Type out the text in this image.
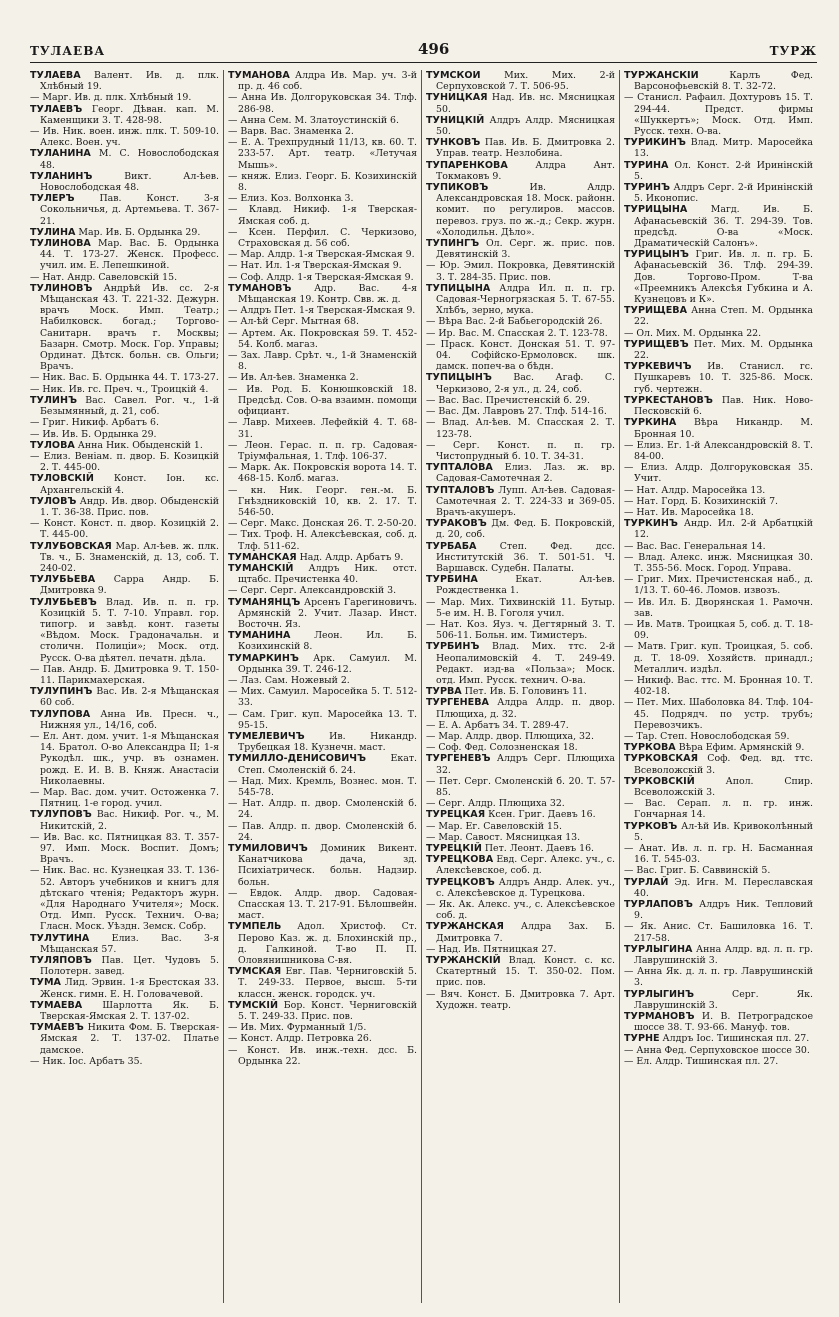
ТУЛАЕВА	496	ТУРЖ

ТУЛАЕВА Валент. Ив. д. плк. Хлѣбный 19.

— Марг. Ив. д. плк. Хлѣбный 19.

ТУЛАЕВЪ Георг. Дѣван. кап. М. Каменщики 3. Т. 428-98.

— Ив. Ник. воен. инж. плк. Т. 509-10. Алекс. Воен. уч.

ТУЛАНИНА М. С. Новослободская 48.

ТУЛАНИНЪ Викт. Ал-ѣев. Новослободская 48.

ТУЛЕРЪ Пав. Конст. 3-я Сокольничья, д. Артемьева. Т. 367-21.

ТУЛИНА Мар. Ив. Б. Ордынка 29.

ТУЛИНОВА Мар. Вас. Б. Ордынка 44. Т. 173-27. Женск. Професс. учил. им. Е. Лепешкиной.

— Нат. Андр. Савеловскій 15.

ТУЛИНОВЪ Андрѣй Ив. сс. 2-я Мѣщанская 43. Т. 221-32. Дежурн. врачъ Моск. Имп. Театр.; Набилковск. богад.; Торгово-Санитарн. врачъ г. Москвы; Базарн. Смотр. Моск. Гор. Управы; Ординат. Дѣтск. больн. св. Ольги; Врачъ.

— Ник. Вас. Б. Ордынка 44. Т. 173-27.

— Ник. Ив. гс. Преч. ч., Троицкій 4.

ТУЛИНЪ Вас. Савел. Рог. ч., 1-й Безымянный, д. 21, соб.

— Григ. Никиф. Арбатъ 6.

— Ив. Ив. Б. Ордынка 29.

ТУЛОВА Анна Ник. Обыденскій 1.

— Елиз. Веніам. п. двор. Б. Козицкій 2. Т. 445-00.

ТУЛОВСКІЙ Конст. Іон. кс. Архангельскій 4.

ТУЛОВЪ Андр. Ив. двор. Обыденскій 1. Т. 36-38. Прис. пов.

— Конст. Конст. п. двор. Козицкій 2. Т. 445-00.

ТУЛУБОВСКАЯ Мар. Ал-ѣев. ж. плк. Тв. ч., Б. Знаменскій, д. 13, соб. Т. 240-02.

ТУЛУБЬЕВА Сарра Андр. Б. Дмитровка 9.

ТУЛУБЬЕВЪ Влад. Ив. п. п. гр. Козицкій 5. Т. 7-10. Управл. гор. типогр. и завѣд. конт. газеты «Вѣдом. Моск. Градоначальн. и столичн. Полиціи»; Моск. отд. Русск. О-ва дѣятел. печатн. дѣла.

— Пав. Андр. Б. Дмитровка 9. Т. 150-11. Парикмахерская.

ТУЛУПИНЪ Вас. Ив. 2-я Мѣщанская 60 соб.

ТУЛУПОВА Анна Ив. Пресн. ч., Нижняя ул., 14/16, соб.

— Ел. Ант. дом. учит. 1-я Мѣщанская 14. Братол. О-во Александра II; 1-я Рукодѣл. шк., учр. въ ознамен. рожд. Е. И. В. В. Княж. Анастасіи Николаевны.

— Мар. Вас. дом. учит. Остоженка 7. Пятниц. 1-е город. учил.

ТУЛУПОВЪ Вас. Никиф. Рог. ч., М. Никитскій, 2.

— Ив. Вас. кс. Пятницкая 83. Т. 357-97. Имп. Моск. Воспит. Домъ; Врачъ.

— Ник. Вас. нс. Кузнецкая 33. Т. 136-52. Авторъ учебников и книгъ для дѣтскаго чтенія; Редакторъ журн. «Для Народнаго Учителя»; Моск. Отд. Имп. Русск. Технич. О-ва; Гласн. Моск. Уѣздн. Земск. Собр.

ТУЛУТИНА Елиз. Вас. 3-я Мѣщанская 57.

ТУЛЯПОВЪ Пав. Цет. Чудовъ 5. Полотерн. завед.

ТУМА Лид. Эрвин. 1-я Брестская 33. Женск. гимн. Е. Н. Головачевой.

ТУМАЕВА Шарлотта Як. Б. Тверская-Ямская 2. Т. 137-02.

ТУМАЕВЪ Никита Фом. Б. Тверская-Ямская 2. Т. 137-02. Платье дамское.

— Ник. Іос. Арбатъ 35.

ТУМАНОВА Алдра Ив. Мар. уч. 3-й пр. д. 46 соб.

— Анна Ив. Долгоруковская 34. Тлф. 286-98.

— Анна Сем. М. Златоустинскій 6.

— Варв. Вас. Знаменка 2.

— Е. А. Трехпрудный 11/13, кв. 60. Т. 233-57. Арт. театр. «Летучая Мышь».

— княж. Елиз. Георг. Б. Козихинскій 8.

— Елиз. Коз. Волхонка 3.

— Клавд. Никиф. 1-я Тверская-Ямская соб. д.

— Ксен. Перфил. С. Черкизово, Страховская д. 56 соб.

— Мар. Алдр. 1-я Тверская-Ямская 9.

— Нат. Ил. 1-я Тверская-Ямская 9.

— Соф. Алдр. 1-я Тверская-Ямская 9.

ТУМАНОВЪ Адр. Вас. 4-я Мѣщанская 19. Контр. Свв. ж. д.

— Алдръ Пет. 1-я Тверская-Ямская 9.

— Ал-ѣй Серг. Мытная 68.

— Артем. Ак. Покровская 59. Т. 452-54. Колб. магаз.

— Зах. Лавр. Срѣт. ч., 1-й Знаменскій 8.

— Ив. Ал-ѣев. Знаменка 2.

— Ив. Род. Б. Конюшковскій 18. Предсѣд. Сов. О-ва взаимн. помощи официант.

— Лавр. Михеев. Лефейкій 4. Т. 68-31.

— Леон. Герас. п. п. гр. Садовая-Тріумфальная, 1. Тлф. 106-37.

— Марк. Ак. Покровскія ворота 14. Т. 468-15. Колб. магаз.

— кн. Ник. Георг. ген.-м. Б. Гнѣздниковскій 10, кв. 2. 17. Т. 546-50.

— Серг. Макс. Донская 26. Т. 2-50-20.

— Тих. Троф. Н. Алексѣевская, соб. д. Тлф. 511-62.

ТУМАНСКАЯ Над. Алдр. Арбатъ 9.

ТУМАНСКІЙ Алдръ Ник. отст. щтабс. Пречистенка 40.

— Серг. Серг. Александровскій 3.

ТУМАНЯНЦЪ Арсенъ Гарегиновичъ. Армянскій 2. Учит. Лазар. Инст. Восточн. Яз.

ТУМАНИНА Леон. Ил. Б. Козихинскій 8.

ТУМАРКИНЪ Арк. Самуил. М. Ордынка 39. Т. 246-12.

— Лаз. Сам. Ножевый 2.

— Мих. Самуил. Маросейка 5. Т. 512-33.

— Сам. Григ. куп. Маросейка 13. Т. 95-15.

ТУМЕЛЕВИЧЪ Ив. Никандр. Трубецкая 18. Кузнечн. маст.

ТУМИЛЛО-ДЕНИСОВИЧЪ Екат. Степ. Смоленскій б. 24.

— Над. Мих. Кремль, Вознес. мон. Т. 545-78.

— Нат. Алдр. п. двор. Смоленскій б. 24.

— Пав. Алдр. п. двор. Смоленскій б. 24.

ТУМИЛОВИЧЪ Доминик Викент. Канатчикова дача, зд. Психіатрическ. больн. Надзир. больн.

— Евдок. Алдр. двор. Садовая-Спасская 13. Т. 217-91. Бѣлошвейн. маст.

ТУМПЕЛЬ Адол. Христоф. Ст. Перово Каз. ж. д. Блохинскій пр., д. Галкиной. Т-во П. П. Оловянишникова С-вя.

ТУМСКАЯ Евг. Пав. Черниговскій 5. Т. 249-33. Первое, высш. 5-ти классн. женск. городск. уч.

ТУМСКІЙ Бор. Конст. Черниговскій 5. Т. 249-33. Прис. пов.

— Ив. Мих. Фурманный 1/5.

— Конст. Алдр. Петровка 26.

— Конст. Ив. инж.-техн. дсс. Б. Ордынка 22.

ТУМСКОЙ Мих. Мих. 2-й Серпуховской 7. Т. 506-95.

ТУНИЦКАЯ Над. Ив. нс. Мясницкая 50.

ТУНИЦКІЙ Алдръ Алдр. Мясницкая 50.

ТУНКОВЪ Пав. Ив. Б. Дмитровка 2. Управ. театр. Незлобина.

ТУПАРЕНКОВА Алдра Ант. Токмаковъ 9.

ТУПИКОВЪ Ив. Алдр. Александровская 18. Моск. районн. комит. по регулиров. массов. перевоз. груз. по ж.-д.; Секр. журн. «Холодильн. Дѣло».

ТУПИНГЪ Ол. Серг. ж. прис. пов. Девятинскій 3.

— Юр. Эмил. Покровка, Девятинскій 3. Т. 284-35. Прис. пов.

ТУПИЦЫНА Алдра Ил. п. п. гр. Садовая-Черногрязская 5. Т. 67-55. Хлѣбъ, зерно, мука.

— Вѣра Вас. 2-й Бабьегородскій 26.

— Ир. Вас. М. Спасская 2. Т. 123-78.

— Праск. Конст. Донская 51. Т. 97-04. Софійско-Ермоловск. шк. дамск. попеч-ва о бѣдн.

ТУПИЦЫНЪ Вас. Агаф. С. Черкизово, 2-я ул., д. 24, соб.

— Вас. Вас. Пречистенскій б. 29.

— Вас. Дм. Лавровъ 27. Тлф. 514-16.

— Влад. Ал-ѣев. М. Спасская 2. Т. 123-78.

— Серг. Конст. п. п. гр. Чистопрудный б. 10. Т. 34-31.

ТУПТАЛОВА Елиз. Лаз. ж. вр. Садовая-Самотечная 2.

ТУПТАЛОВЪ Лупп. Ал-ѣев. Садовая-Самотечная 2. Т. 224-33 и 369-05. Врачъ-акушеръ.

ТУРАКОВЪ Дм. Фед. Б. Покровскій, д. 20, соб.

ТУРБАБА Степ. Фед. дсс. Институтскій 36. Т. 501-51. Ч. Варшавск. Судебн. Палаты.

ТУРБИНА Екат. Ал-ѣев. Рождественка 1.

— Мар. Мих. Тихвинскій 11. Бутыр. 5-е им. Н. В. Гоголя учил.

— Нат. Коз. Яуз. ч. Дегтярный 3. Т. 506-11. Больн. им. Тимистеръ.

ТУРБИНЪ Влад. Мих. ттс. 2-й Неопалимовскій 4. Т. 249-49. Редакт. изд-ва «Польза»; Моск. отд. Имп. Русск. технич. О-ва.

ТУРВА Пет. Ив. Б. Головинъ 11.

ТУРГЕНЕВА Алдра Алдр. п. двор. Плющиха, д. 32.

— Е. А. Арбатъ 34. Т. 289-47.

— Мар. Алдр. двор. Плющиха, 32.

— Соф. Фед. Солозненская 18.

ТУРГЕНЕВЪ Алдръ Серг. Плющиха 32.

— Пет. Серг. Смоленскій б. 20. Т. 57-85.

— Серг. Алдр. Плющиха 32.

ТУРЕЦКАЯ Ксен. Григ. Даевъ 16.

— Мар. Ег. Савеловскій 15.

— Мар. Савост. Мясницкая 13.

ТУРЕЦКІЙ Пет. Леонт. Даевъ 16.

ТУРЕЦКОВА Евд. Серг. Алекс. уч., с. Алексѣевское, соб. д.

ТУРЕЦКОВЪ Алдръ Андр. Алек. уч., с. Алексѣевское д. Турецкова.

— Як. Ак. Алекс. уч., с. Алексѣевское соб. д.

ТУРЖАНСКАЯ Алдра Зах. Б. Дмитровка 7.

— Над. Ив. Пятницкая 27.

ТУРЖАНСКІЙ Влад. Конст. с. кс. Скатертный 15. Т. 350-02. Пом. прис. пов.

— Вяч. Конст. Б. Дмитровка 7. Арт. Художн. театр.

ТУРЖАНСКІЙ Карлъ Фед. Варсонофьевскій 8. Т. 32-72.

— Станисл. Рафаил. Дохтуровъ 15. Т. 294-44. Предст. фирмы «Шуккертъ»; Моск. Отд. Имп. Русск. техн. О-ва.

ТУРИКИНЪ Влад. Митр. Маросейка 13.

ТУРИНА Ол. Конст. 2-й Иринінскій 5.

ТУРИНЪ Алдръ Серг. 2-й Иринінскій 5. Иконопис.

ТУРИЦЫНА Магд. Ив. Б. Афанасьевскій 36. Т. 294-39. Тов. предсѣд. О-ва «Моск. Драматическій Салонъ».

ТУРИЦЫНЪ Григ. Ив. л. п. гр. Б. Афанасьевскій 36. Тлф. 294-39. Дов. Торгово-Пром. Т-ва «Преемникъ Алексѣя Губкина и А. Кузнецовъ и К».

ТУРИЩЕВА Анна Степ. М. Ордынка 22.

— Ол. Мих. М. Ордынка 22.

ТУРИЩЕВЪ Пет. Мих. М. Ордынка 22.

ТУРКЕВИЧЪ Ив. Станисл. гс. Пушкаревъ 10. Т. 325-86. Моск. губ. чертежн.

ТУРКЕСТАНОВЪ Пав. Ник. Ново-Песковскій 6.

ТУРКИНА Вѣра Никандр. М. Бронная 10.

— Елиз. Ег. 1-й Александровскій 8. Т. 84-00.

— Елиз. Алдр. Долгоруковская 35. Учит.

— Нат. Алдр. Маросейка 13.

— Нат. Горд. Б. Козихинскій 7.

— Нат. Ив. Маросейка 18.

ТУРКИНЪ Андр. Ил. 2-й Арбатцкій 12.

— Вас. Вас. Генеральная 14.

— Влад. Алекс. инж. Мясницкая 30. Т. 355-56. Моск. Город. Управа.

— Григ. Мих. Пречистенская наб., д. 1/13. Т. 60-46. Ломов. извозъ.

— Ив. Ил. Б. Дворянская 1. Рамочн. зав.

— Ив. Матв. Троицкая 5, соб. д. Т. 18-09.

— Матв. Григ. куп. Троицкая, 5. соб. д. Т. 18-09. Хозяйств. принадл.; Металлич. издѣл.

— Никиф. Вас. ттс. М. Бронная 10. Т. 402-18.

— Пет. Мих. Шаболовка 84. Тлф. 104-45. Подрядч. по устр. трубъ; Перевозчикъ.

— Тар. Степ. Новослободская 59.

ТУРКОВА Вѣра Ефим. Армянскій 9.

ТУРКОВСКАЯ Соф. Фед. вд. ттс. Всеволожскій 3.

ТУРКОВСКІЙ Апол. Спир. Всеволожскій 3.

— Вас. Серап. л. п. гр. инж. Гончарная 14.

ТУРКОВЪ Ал-ѣй Ив. Кривоколѣнный 5.

— Анат. Ив. л. п. гр. Н. Басманная 16. Т. 545-03.

— Вас. Григ. Б. Саввинскій 5.

ТУРЛАЙ Эд. Игн. М. Переславская 40.

ТУРЛАПОВЪ Алдръ Ник. Тепловий 9.

— Як. Анис. Ст. Башиловка 16. Т. 217-58.

ТУРЛЫГИНА Анна Алдр. вд. л. п. гр. Лаврушинскій 3.

— Анна Як. д. л. п. гр. Лаврушинскій 3.

ТУРЛЫГИНЪ Серг. Як. Лаврушинскій 3.

ТУРМАНОВЪ И. В. Петроградское шоссе 38. Т. 93-66. Мануф. тов.

ТУРНЕ Алдръ Іос. Тишинская пл. 27.

— Анна Фед. Серпуховское шоссе 30.

— Ел. Алдр. Тишинская пл. 27.
